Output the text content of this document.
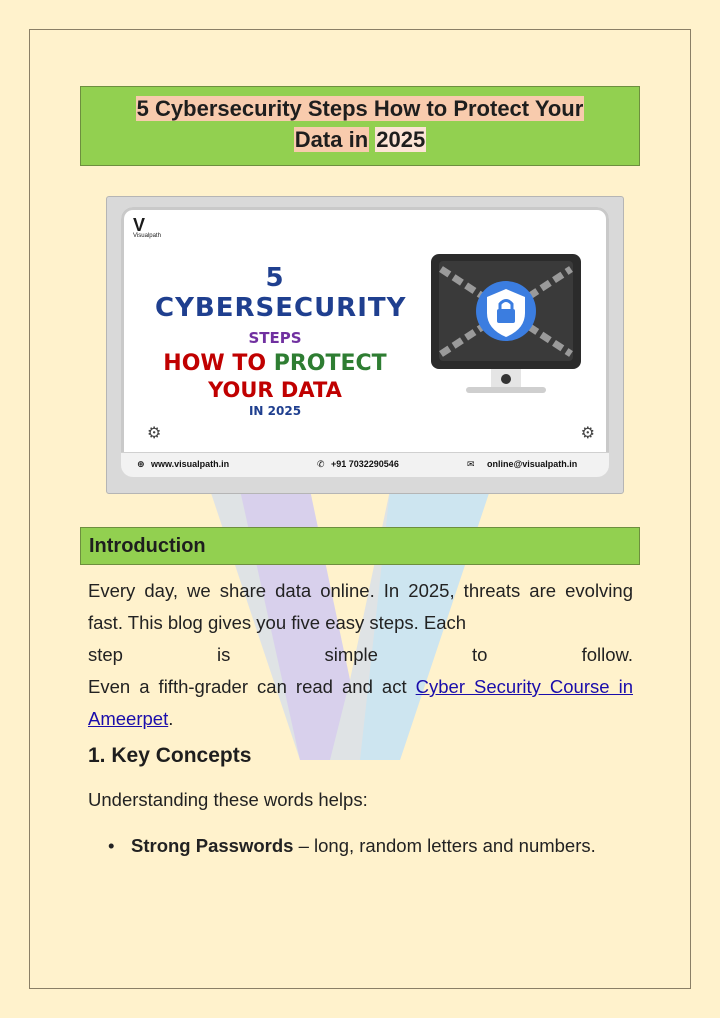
5 Cybersecurity Steps How to Protect Your
Data in 2025
V
Visualpath
5 CYBERSECURITY
STEPS
HOW TO PROTECT
YOUR DATA
IN 2025
⚙	⚙
⊕ www.visualpath.in	✆ +91 7032290546	✉ online@visualpath.in
Introduction
Every day, we share data online. In 2025, threats are evolving fast. This blog gives you five easy steps. Each
step	is	simple	to	follow.
Even a fifth-grader can read and act Cyber Security Course in Ameerpet.
1. Key Concepts
Understanding these words helps:
• Strong Passwords – long, random letters and numbers.
